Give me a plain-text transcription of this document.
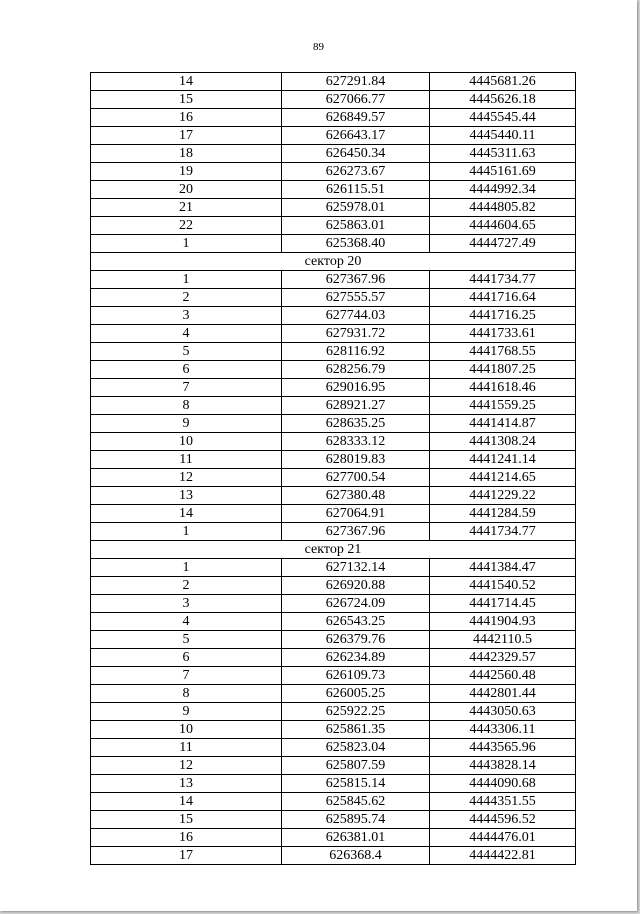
89
14	627291.84	4445681.26
15	627066.77	4445626.18
16	626849.57	4445545.44
17	626643.17	4445440.11
18	626450.34	4445311.63
19	626273.67	4445161.69
20	626115.51	4444992.34
21	625978.01	4444805.82
22	625863.01	4444604.65
1	625368.40	4444727.49
сектор 20		
1	627367.96	4441734.77
2	627555.57	4441716.64
3	627744.03	4441716.25
4	627931.72	4441733.61
5	628116.92	4441768.55
6	628256.79	4441807.25
7	629016.95	4441618.46
8	628921.27	4441559.25
9	628635.25	4441414.87
10	628333.12	4441308.24
11	628019.83	4441241.14
12	627700.54	4441214.65
13	627380.48	4441229.22
14	627064.91	4441284.59
1	627367.96	4441734.77
сектор 21		
1	627132.14	4441384.47
2	626920.88	4441540.52
3	626724.09	4441714.45
4	626543.25	4441904.93
5	626379.76	4442110.5
6	626234.89	4442329.57
7	626109.73	4442560.48
8	626005.25	4442801.44
9	625922.25	4443050.63
10	625861.35	4443306.11
11	625823.04	4443565.96
12	625807.59	4443828.14
13	625815.14	4444090.68
14	625845.62	4444351.55
15	625895.74	4444596.52
16	626381.01	4444476.01
17	626368.4	4444422.81
